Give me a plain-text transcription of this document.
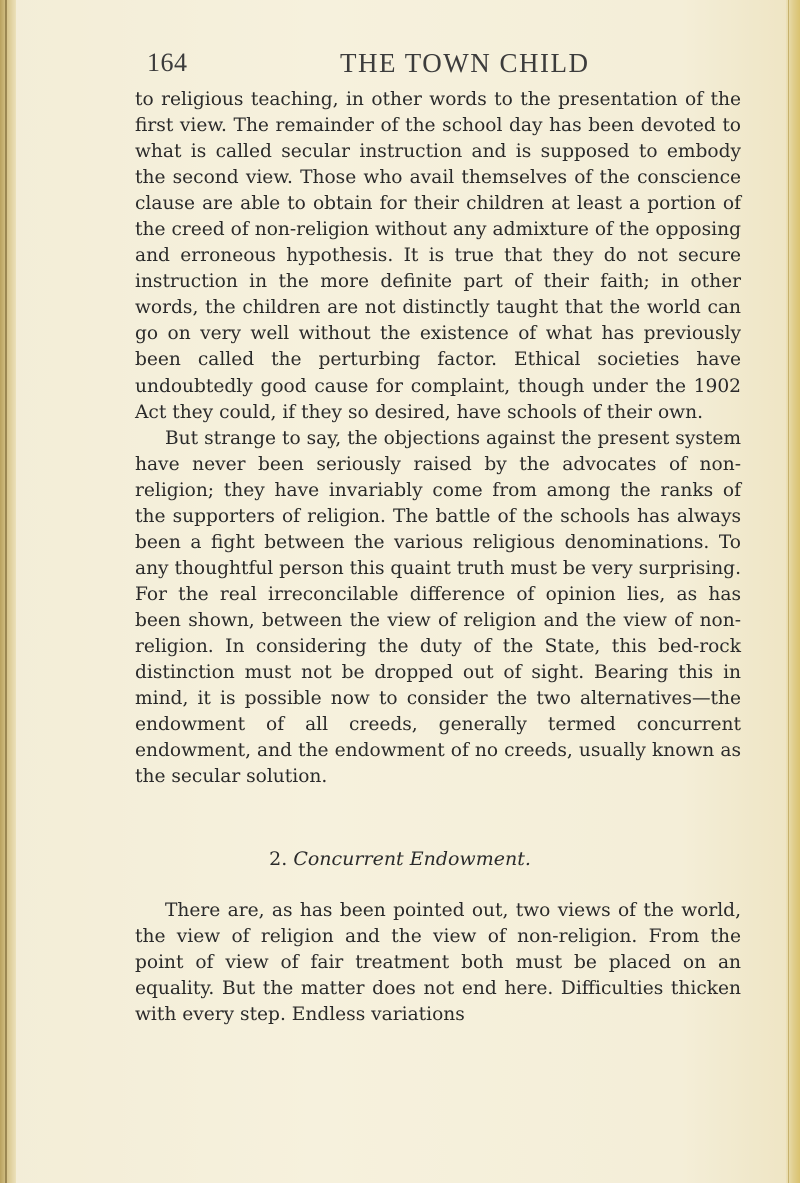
164	THE TOWN CHILD

to religious teaching, in other words to the presentation of the first view. The remainder of the school day has been devoted to what is called secular instruction and is supposed to embody the second view. Those who avail themselves of the conscience clause are able to obtain for their children at least a portion of the creed of non-religion without any admixture of the opposing and erroneous hypothesis. It is true that they do not secure instruction in the more definite part of their faith; in other words, the children are not distinctly taught that the world can go on very well without the existence of what has previously been called the perturbing factor. Ethical societies have undoubtedly good cause for complaint, though under the 1902 Act they could, if they so desired, have schools of their own.

But strange to say, the objections against the present system have never been seriously raised by the advocates of non-religion; they have invariably come from among the ranks of the supporters of religion. The battle of the schools has always been a fight between the various religious denominations. To any thoughtful person this quaint truth must be very surprising. For the real irreconcilable difference of opinion lies, as has been shown, between the view of religion and the view of non-religion. In considering the duty of the State, this bed-rock distinction must not be dropped out of sight. Bearing this in mind, it is possible now to consider the two alternatives—the endowment of all creeds, generally termed concurrent endowment, and the endowment of no creeds, usually known as the secular solution.

2. Concurrent Endowment.

There are, as has been pointed out, two views of the world, the view of religion and the view of non-religion. From the point of view of fair treatment both must be placed on an equality. But the matter does not end here. Difficulties thicken with every step. Endless variations
